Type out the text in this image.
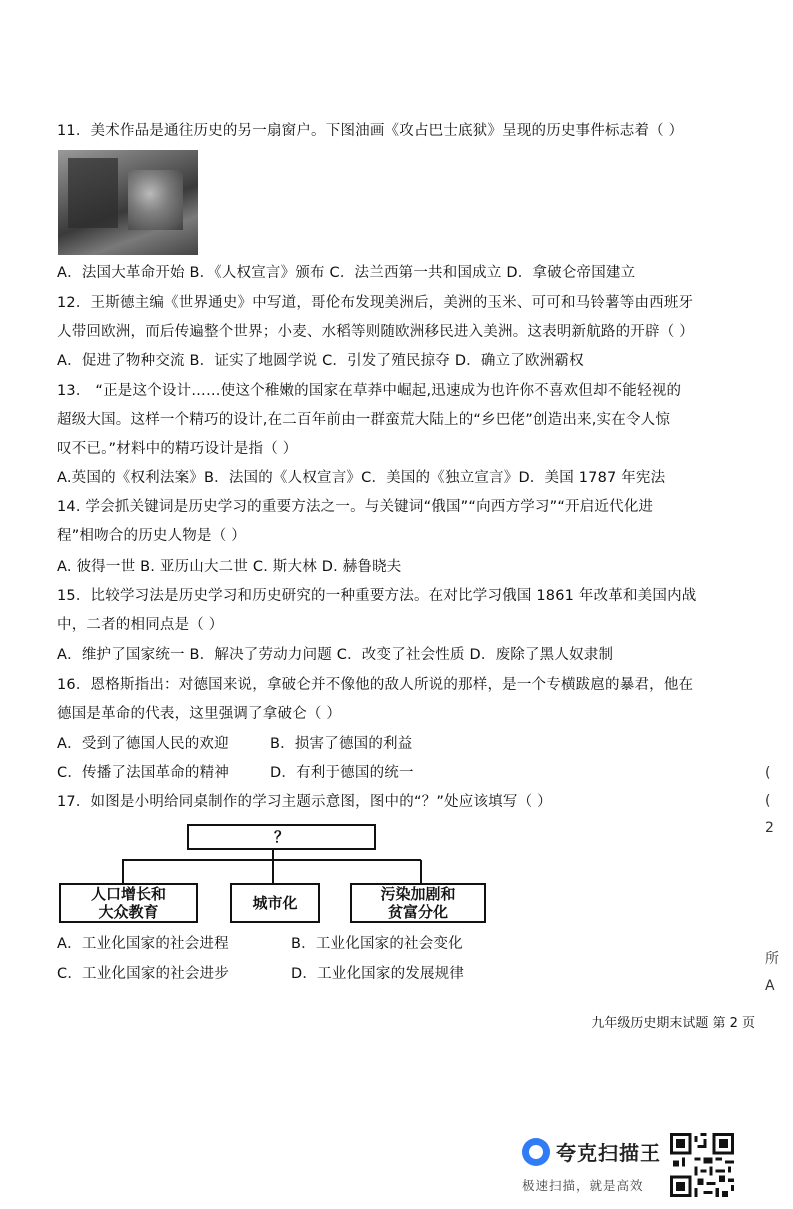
11．美术作品是通往历史的另一扇窗户。下图油画《攻占巴士底狱》呈现的历史事件标志着（ ）
A．法国大革命开始 B．《人权宣言》颁布 C．法兰西第一共和国成立 D．拿破仑帝国建立
12．王斯德主编《世界通史》中写道，哥伦布发现美洲后，美洲的玉米、可可和马铃薯等由西班牙
人带回欧洲，而后传遍整个世界；小麦、水稻等则随欧洲移民进入美洲。这表明新航路的开辟（ ）
A．促进了物种交流 B．证实了地圆学说 C．引发了殖民掠夺 D．确立了欧洲霸权
13． “正是这个设计……使这个稚嫩的国家在草莽中崛起,迅速成为也许你不喜欢但却不能轻视的
超级大国。这样一个精巧的设计,在二百年前由一群蛮荒大陆上的“乡巴佬”创造出来,实在令人惊
叹不已。”材料中的精巧设计是指（ ）
A.英国的《权利法案》B．法国的《人权宣言》C．美国的《独立宣言》D．美国 1787 年宪法
14. 学会抓关键词是历史学习的重要方法之一。与关键词“俄国”“向西方学习”“开启近代化进
程”相吻合的历史人物是（ ）
A. 彼得一世 B. 亚历山大二世 C. 斯大林 D. 赫鲁晓夫
15．比较学习法是历史学习和历史研究的一种重要方法。在对比学习俄国 1861 年改革和美国内战
中，二者的相同点是（ ）
A．维护了国家统一 B．解决了劳动力问题 C．改变了社会性质 D．废除了黑人奴隶制
16．恩格斯指出：对德国来说，拿破仑并不像他的敌人所说的那样，是一个专横跋扈的暴君，他在
德国是革命的代表，这里强调了拿破仑（ ）
A．受到了德国人民的欢迎	B．损害了德国的利益
C．传播了法国革命的精神	D．有利于德国的统一
17．如图是小明给同桌制作的学习主题示意图，图中的“？”处应该填写（ ）
？
人口增长和
大众教育	城市化	污染加剧和
贫富分化
A．工业化国家的社会进程	B．工业化国家的社会变化
C．工业化国家的社会进步	D．工业化国家的发展规律
(
(
2
所
A
九年级历史期末试题 第 2 页
夸克扫描王
极速扫描，就是高效
